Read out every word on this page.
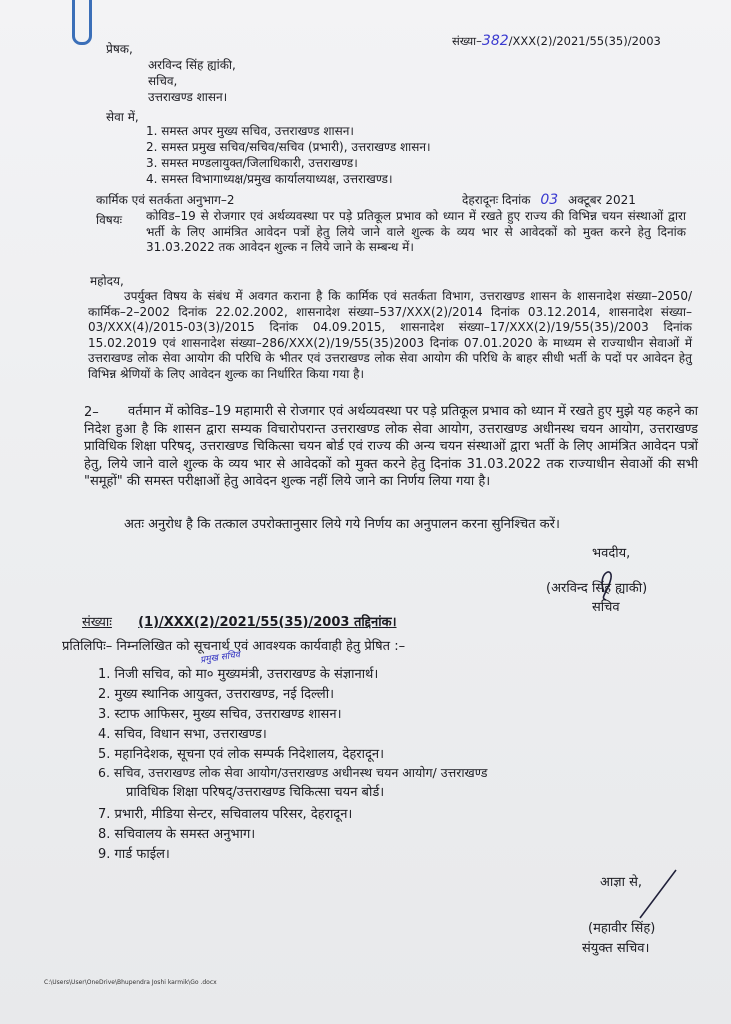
संख्या–382/XXX(2)/2021/55(35)/2003
प्रेषक,
अरविन्द सिंह ह्यांकी,
सचिव,
उत्तराखण्ड शासन।
सेवा में,
1. समस्त अपर मुख्य सचिव, उत्तराखण्ड शासन।
2. समस्त प्रमुख सचिव/सचिव/सचिव (प्रभारी), उत्तराखण्ड शासन।
3. समस्त मण्डलायुक्त/जिलाधिकारी, उत्तराखण्ड।
4. समस्त विभागाध्यक्ष/प्रमुख कार्यालयाध्यक्ष, उत्तराखण्ड।
कार्मिक एवं सतर्कता अनुभाग–2	देहरादूनः दिनांक 03 अक्टूबर 2021
विषयः कोविड–19 से रोजगार एवं अर्थव्यवस्था पर पड़े प्रतिकूल प्रभाव को ध्यान में रखते हुए राज्य की विभिन्न चयन संस्थाओं द्वारा भर्ती के लिए आमंत्रित आवेदन पत्रों हेतु लिये जाने वाले शुल्क के व्यय भार से आवेदकों को मुक्त करने हेतु दिनांक 31.03.2022 तक आवेदन शुल्क न लिये जाने के सम्बन्ध में।
महोदय,
उपर्युक्त विषय के संबंध में अवगत कराना है कि कार्मिक एवं सतर्कता विभाग, उत्तराखण्ड शासन के शासनादेश संख्या–2050/कार्मिक–2–2002 दिनांक 22.02.2002, शासनादेश संख्या–537/XXX(2)/2014 दिनांक 03.12.2014, शासनादेश संख्या–03/XXX(4)/2015-03(3)/2015 दिनांक 04.09.2015, शासनादेश संख्या–17/XXX(2)/19/55(35)/2003 दिनांक 15.02.2019 एवं शासनादेश संख्या–286/XXX(2)/19/55(35)2003 दिनांक 07.01.2020 के माध्यम से राज्याधीन सेवाओं में उत्तराखण्ड लोक सेवा आयोग की परिधि के भीतर एवं उत्तराखण्ड लोक सेवा आयोग की परिधि के बाहर सीधी भर्ती के पदों पर आवेदन हेतु विभिन्न श्रेणियों के लिए आवेदन शुल्क का निर्धारित किया गया है।
2–	वर्तमान में कोविड–19 महामारी से रोजगार एवं अर्थव्यवस्था पर पड़े प्रतिकूल प्रभाव को ध्यान में रखते हुए मुझे यह कहने का निदेश हुआ है कि शासन द्वारा सम्यक विचारोपरान्त उत्तराखण्ड लोक सेवा आयोग, उत्तराखण्ड अधीनस्थ चयन आयोग, उत्तराखण्ड प्राविधिक शिक्षा परिषद्, उत्तराखण्ड चिकित्सा चयन बोर्ड एवं राज्य की अन्य चयन संस्थाओं द्वारा भर्ती के लिए आमंत्रित आवेदन पत्रों हेतु, लिये जाने वाले शुल्क के व्यय भार से आवेदकों को मुक्त करने हेतु दिनांक 31.03.2022 तक राज्याधीन सेवाओं की सभी "समूहों" की समस्त परीक्षाओं हेतु आवेदन शुल्क नहीं लिये जाने का निर्णय लिया गया है।
अतः अनुरोध है कि तत्काल उपरोक्तानुसार लिये गये निर्णय का अनुपालन करना सुनिश्चित करें।
भवदीय,
(अरविन्द सिंह ह्याकी)
सचिव
संख्याः (1)/XXX(2)/2021/55(35)/2003 तद्दिनांक।
प्रतिलिपिः– निम्नलिखित को सूचनार्थ एवं आवश्यक कार्यवाही हेतु प्रेषित :–
प्रमुख सचिव
1. निजी सचिव, को मा० मुख्यमंत्री, उत्तराखण्ड के संज्ञानार्थ।
2. मुख्य स्थानिक आयुक्त, उत्तराखण्ड, नई दिल्ली।
3. स्टाफ आफिसर, मुख्य सचिव, उत्तराखण्ड शासन।
4. सचिव, विधान सभा, उत्तराखण्ड।
5. महानिदेशक, सूचना एवं लोक सम्पर्क निदेशालय, देहरादून।
6. सचिव, उत्तराखण्ड लोक सेवा आयोग/उत्तराखण्ड अधीनस्थ चयन आयोग/ उत्तराखण्ड
प्राविधिक शिक्षा परिषद्/उत्तराखण्ड चिकित्सा चयन बोर्ड।
7. प्रभारी, मीडिया सेन्टर, सचिवालय परिसर, देहरादून।
8. सचिवालय के समस्त अनुभाग।
9. गार्ड फाईल।
आज्ञा से,
(महावीर सिंह)
संयुक्त सचिव।
C:\Users\User\OneDrive\Bhupendra Joshi karmik\Go .docx
